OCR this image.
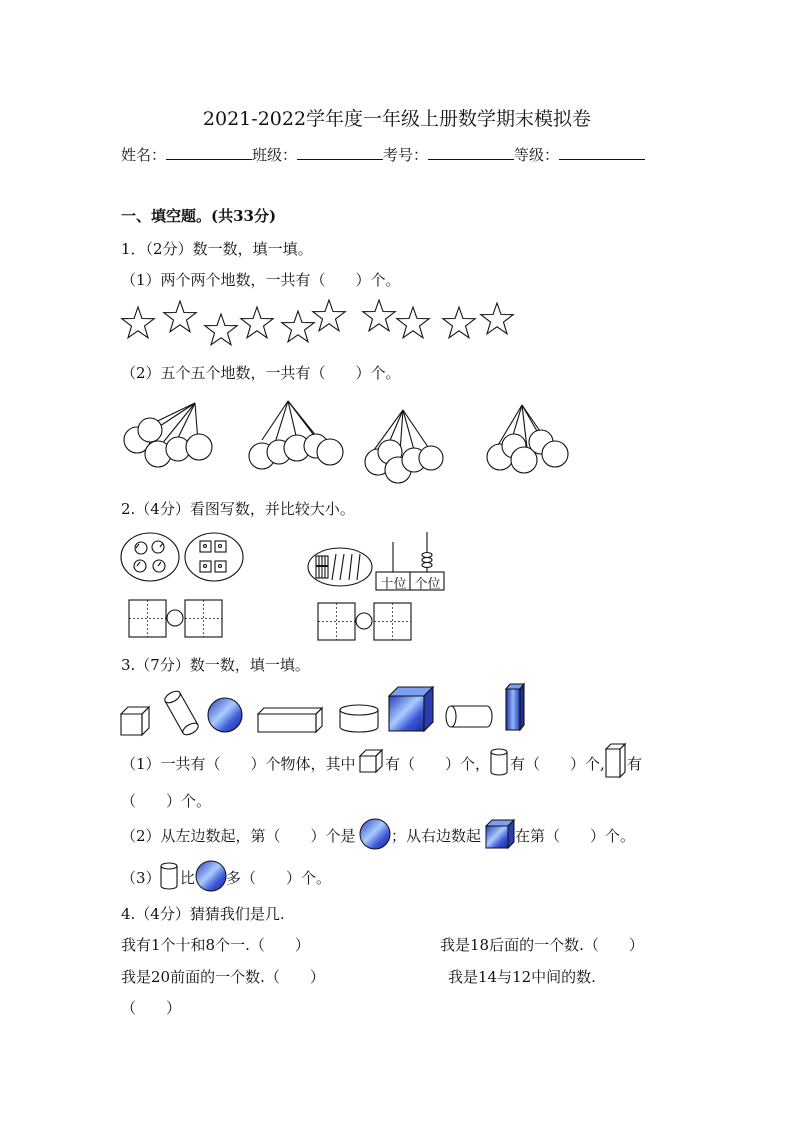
2021-2022学年度一年级上册数学期末模拟卷
姓名：	班级：	考号：	等级：
一、填空题。(共33分)
1．（2分）数一数，填一填。
（1）两个两个地数，一共有（　　）个。
（2）五个五个地数，一共有（　　）个。
2.（4分）看图写数，并比较大小。
十位 个位
3.（7分）数一数，填一填。
（1）一共有（　　）个物体，其中 有（　　）个， 有（　　）个, 有
（　　）个。
（2）从左边数起，第（　　）个是 ；从右边数起 在第（　　）个。
（3） 比 多（　　）个。
4.（4分）猜猜我们是几.
我有1个十和8个一.（　　）	我是18后面的一个数.（　　）
我是20前面的一个数.（　　）	我是14与12中间的数.
（　　）
